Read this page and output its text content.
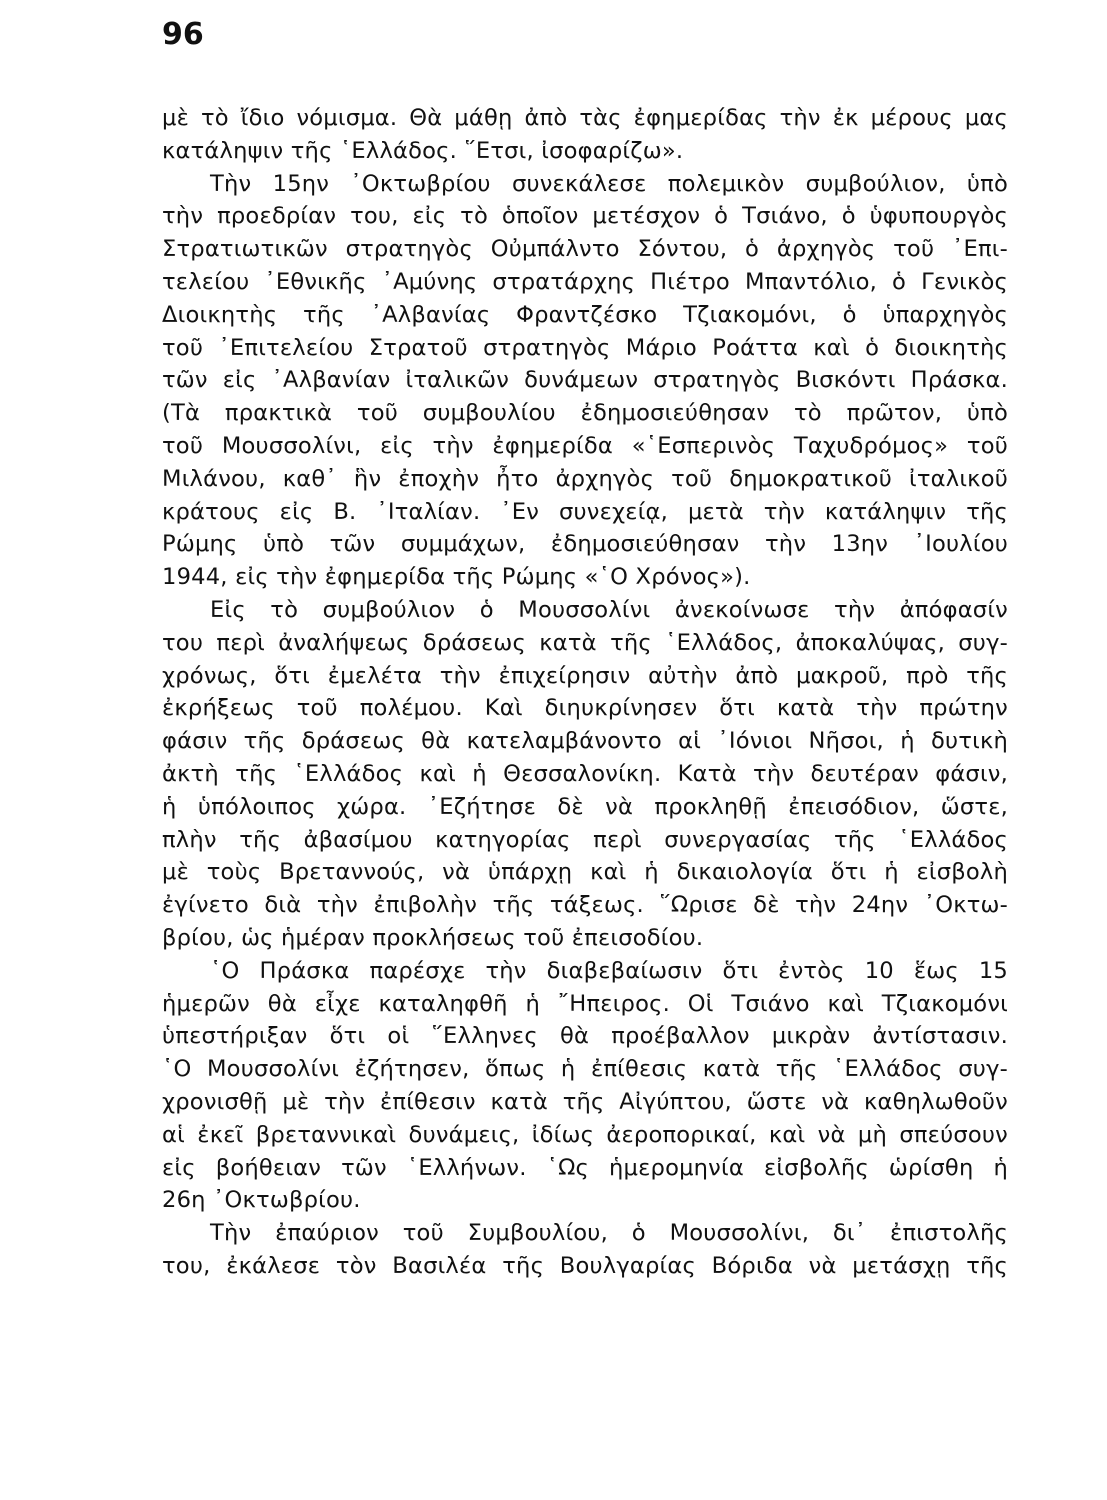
96
μὲ τὸ ἴδιο νόμισμα. Θὰ μάθῃ ἀπὸ τὰς ἐφημερίδας τὴν ἐκ μέρους μας
κατάληψιν τῆς ῾Ελλάδος. ῞Ετσι, ἰσοφαρίζω».
Τὴν 15ην ᾿Οκτωβρίου συνεκάλεσε πολεμικὸν συμβούλιον, ὑπὸ
τὴν προεδρίαν του, εἰς τὸ ὁποῖον μετέσχον ὁ Τσιάνο, ὁ ὑφυπουργὸς
Στρατιωτικῶν στρατηγὸς Οὐμπάλντο Σόντου, ὁ ἀρχηγὸς τοῦ ᾿Επι-
τελείου ᾿Εθνικῆς ᾿Αμύνης στρατάρχης Πιέτρο Μπαντόλιο, ὁ Γενικὸς
Διοικητὴς τῆς ᾿Αλβανίας Φραντζέσκο Τζιακομόνι, ὁ ὑπαρχηγὸς
τοῦ ᾿Επιτελείου Στρατοῦ στρατηγὸς Μάριο Ροάττα καὶ ὁ διοικητὴς
τῶν εἰς ᾿Αλβανίαν ἰταλικῶν δυνάμεων στρατηγὸς Βισκόντι Πράσκα.
(Τὰ πρακτικὰ τοῦ συμβουλίου ἐδημοσιεύθησαν τὸ πρῶτον, ὑπὸ
τοῦ Μουσσολίνι, εἰς τὴν ἐφημερίδα «῾Εσπερινὸς Ταχυδρόμος» τοῦ
Μιλάνου, καθ᾿ ἣν ἐποχὴν ἦτο ἀρχηγὸς τοῦ δημοκρατικοῦ ἰταλικοῦ
κράτους εἰς Β. ᾿Ιταλίαν. ᾿Εν συνεχείᾳ, μετὰ τὴν κατάληψιν τῆς
Ρώμης ὑπὸ τῶν συμμάχων, ἐδημοσιεύθησαν τὴν 13ην ᾿Ιουλίου
1944, εἰς τὴν ἐφημερίδα τῆς Ρώμης «῾Ο Χρόνος»).
Εἰς τὸ συμβούλιον ὁ Μουσσολίνι ἀνεκοίνωσε τὴν ἀπόφασίν
του περὶ ἀναλήψεως δράσεως κατὰ τῆς ῾Ελλάδος, ἀποκαλύψας, συγ-
χρόνως, ὅτι ἐμελέτα τὴν ἐπιχείρησιν αὐτὴν ἀπὸ μακροῦ, πρὸ τῆς
ἐκρήξεως τοῦ πολέμου. Καὶ διηυκρίνησεν ὅτι κατὰ τὴν πρώτην
φάσιν τῆς δράσεως θὰ κατελαμβάνοντο αἱ ᾿Ιόνιοι Νῆσοι, ἡ δυτικὴ
ἀκτὴ τῆς ῾Ελλάδος καὶ ἡ Θεσσαλονίκη. Κατὰ τὴν δευτέραν φάσιν,
ἡ ὑπόλοιπος χώρα. ᾿Εζήτησε δὲ νὰ προκληθῇ ἐπεισόδιον, ὥστε,
πλὴν τῆς ἀβασίμου κατηγορίας περὶ συνεργασίας τῆς ῾Ελλάδος
μὲ τοὺς Βρεταννούς, νὰ ὑπάρχῃ καὶ ἡ δικαιολογία ὅτι ἡ εἰσβολὴ
ἐγίνετο διὰ τὴν ἐπιβολὴν τῆς τάξεως. ῞Ωρισε δὲ τὴν 24ην ᾿Οκτω-
βρίου, ὡς ἡμέραν προκλήσεως τοῦ ἐπεισοδίου.
῾Ο Πράσκα παρέσχε τὴν διαβεβαίωσιν ὅτι ἐντὸς 10 ἕως 15
ἡμερῶν θὰ εἶχε καταληφθῆ ἡ ῎Ηπειρος. Οἱ Τσιάνο καὶ Τζιακομόνι
ὑπεστήριξαν ὅτι οἱ ῞Ελληνες θὰ προέβαλλον μικρὰν ἀντίστασιν.
῾Ο Μουσσολίνι ἐζήτησεν, ὅπως ἡ ἐπίθεσις κατὰ τῆς ῾Ελλάδος συγ-
χρονισθῇ μὲ τὴν ἐπίθεσιν κατὰ τῆς Αἰγύπτου, ὥστε νὰ καθηλωθοῦν
αἱ ἐκεῖ βρεταννικαὶ δυνάμεις, ἰδίως ἀεροπορικαί, καὶ νὰ μὴ σπεύσουν
εἰς βοήθειαν τῶν ῾Ελλήνων. ῾Ως ἡμερομηνία εἰσβολῆς ὡρίσθη ἡ
26η ᾿Οκτωβρίου.
Τὴν ἐπαύριον τοῦ Συμβουλίου, ὁ Μουσσολίνι, δι᾿ ἐπιστολῆς
του, ἐκάλεσε τὸν Βασιλέα τῆς Βουλγαρίας Βόριδα νὰ μετάσχῃ τῆς
